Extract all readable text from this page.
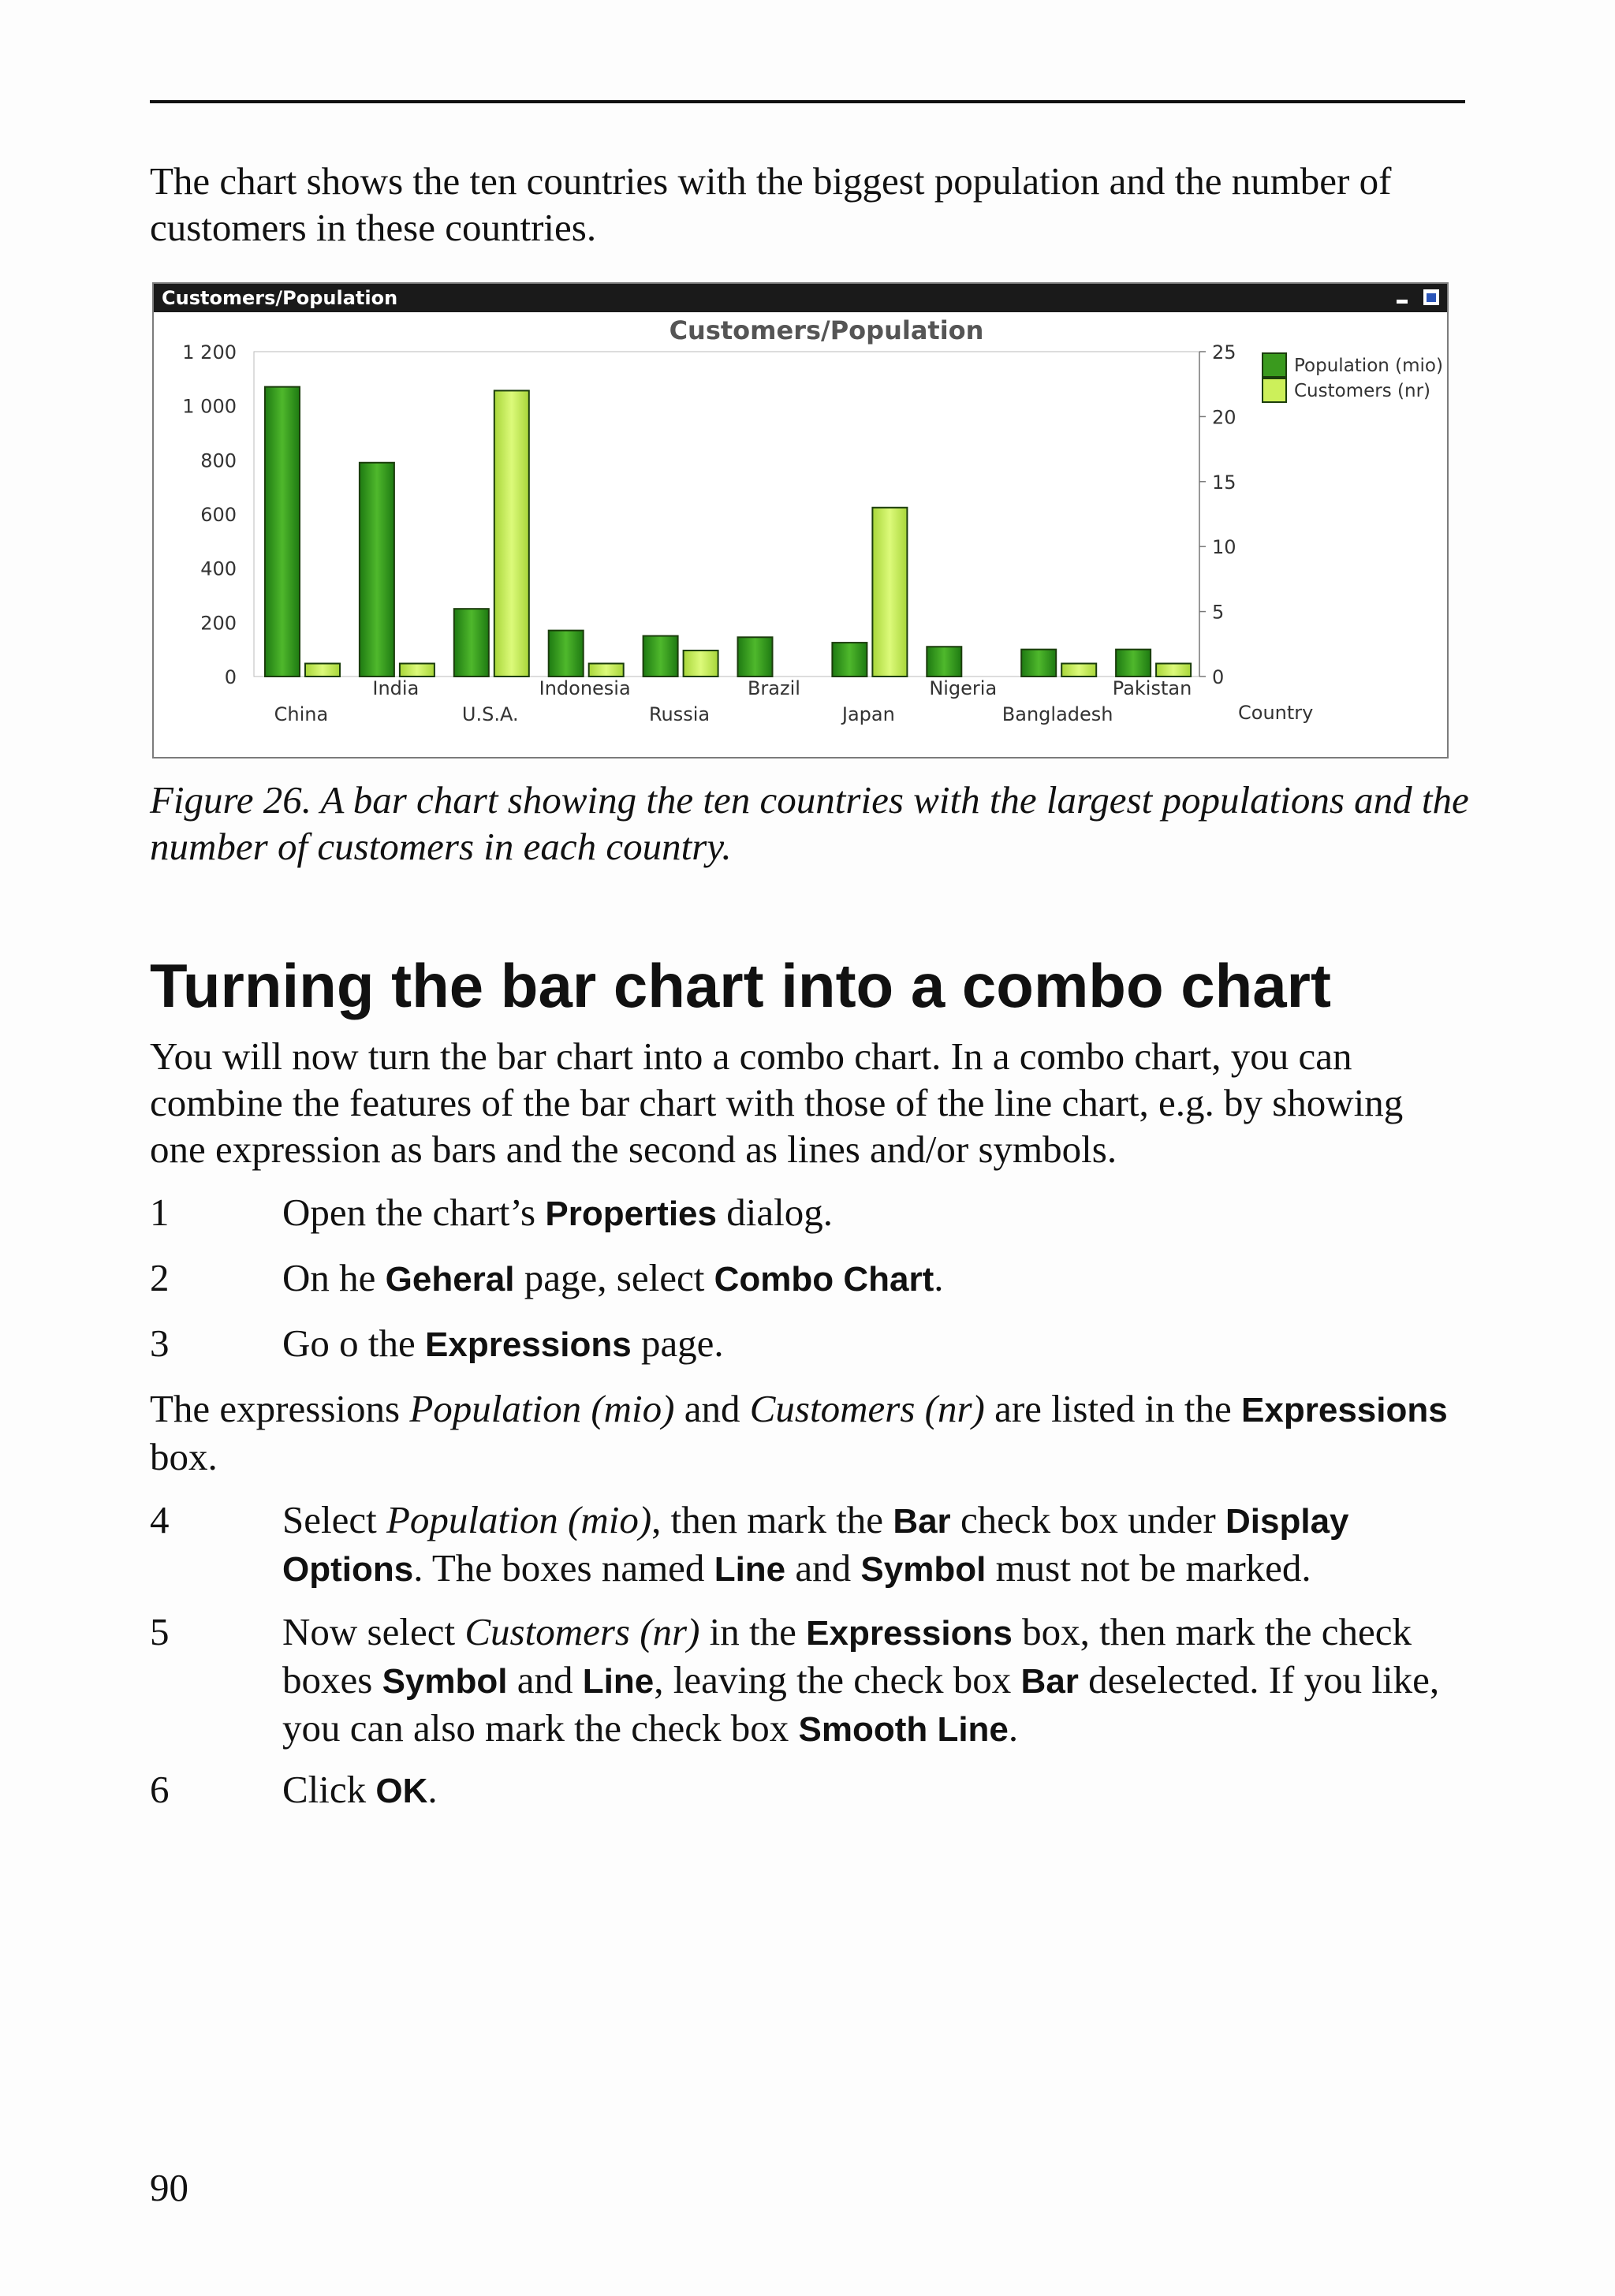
The chart shows the ten countries with the biggest population and the number of customers in these countries.

Customers/Population
Customers/Population
0
200
400
600
800
1 000
1 200
0
5
10
15
20
25
China
India
U.S.A.
Indonesia
Russia
Brazil
Japan
Nigeria
Bangladesh
Pakistan
Country
Population (mio)
Customers (nr)

Figure 26. A bar chart showing the ten countries with the largest populations and the number of customers in each country.

Turning the bar chart into a combo chart

You will now turn the bar chart into a combo chart. In a combo chart, you can combine the features of the bar chart with those of the line chart, e.g. by showing one expression as bars and the second as lines and/or symbols.

1	Open the chart’s Properties dialog.
2	On he Geheral page, select Combo Chart.
3	Go o the Expressions page.

The expressions Population (mio) and Customers (nr) are listed in the Expressions box.

4	Select Population (mio), then mark the Bar check box under Display Options. The boxes named Line and Symbol must not be marked.
5	Now select Customers (nr) in the Expressions box, then mark the check boxes Symbol and Line, leaving the check box Bar deselected. If you like, you can also mark the check box Smooth Line.
6	Click OK.
90
